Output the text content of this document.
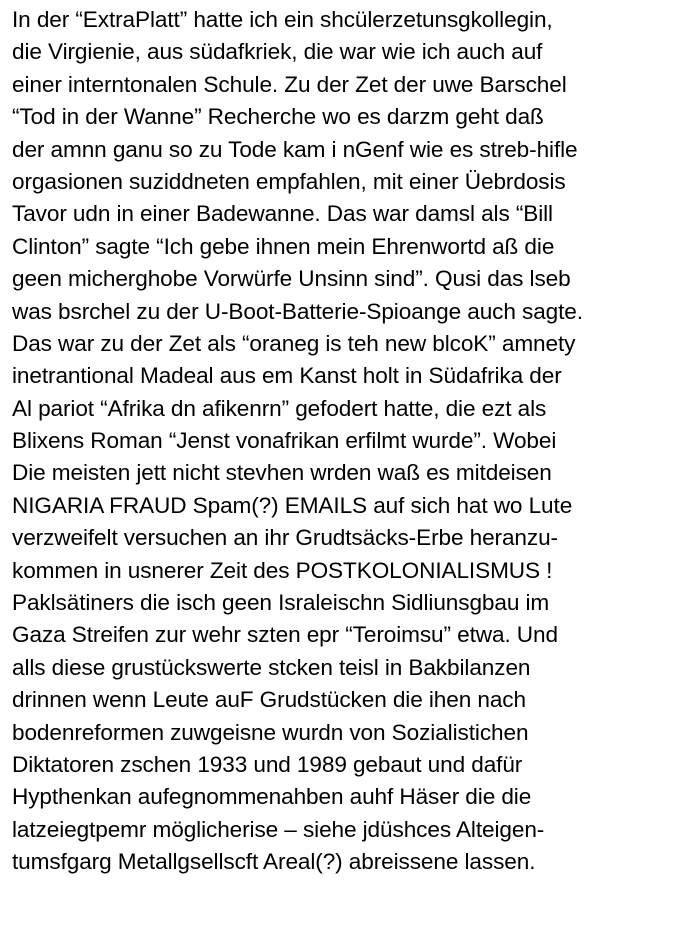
In der “ExtraPlatt” hatte ich ein shcülerzetunsgkollegin,
die Virgienie, aus südafkriek, die war wie ich auch auf
einer interntonalen Schule. Zu der Zet der uwe Barschel
“Tod in der Wanne” Recherche wo es darzm geht daß
der amnn ganu so zu Tode kam i nGenf wie es streb-hifle
orgasionen suziddneten empfahlen, mit einer Üebrdosis
Tavor udn in einer Badewanne. Das war damsl als “Bill
Clinton” sagte “Ich gebe ihnen mein Ehrenwortd aß die
geen micherghobe Vorwürfe Unsinn sind”. Qusi das lseb
was bsrchel zu der U-Boot-Batterie-Spioange auch sagte.
Das war zu der Zet als “oraneg is teh new blcoK” amnety
inetrantional Madeal aus em Kanst holt in Südafrika der
Al pariot “Afrika dn afikenrn” gefodert hatte, die ezt als
Blixens Roman “Jenst vonafrikan erfilmt wurde”. Wobei
Die meisten jett nicht stevhen wrden waß es mitdeisen
NIGARIA FRAUD Spam(?) EMAILS auf sich hat wo Lute
verzweifelt versuchen an ihr Grudtsäcks-Erbe heranzu-
kommen in usnerer Zeit des POSTKOLONIALISMUS !
Paklsätiners die isch geen Israleischn Sidliunsgbau im
Gaza Streifen zur wehr szten epr “Teroimsu” etwa. Und
alls diese grustückswerte stcken teisl in Bakbilanzen
drinnen wenn Leute auF Grudstücken die ihen nach
bodenreformen zuwgeisne wurdn von Sozialistichen
Diktatoren zschen 1933 und 1989 gebaut und dafür
Hypthenkan aufegnommenahben auhf Häser die die
latzeiegtpemr möglicherise – siehe jdüshces Alteigen-
tumsfgarg Metallgsellscft Areal(?) abreissene lassen.
